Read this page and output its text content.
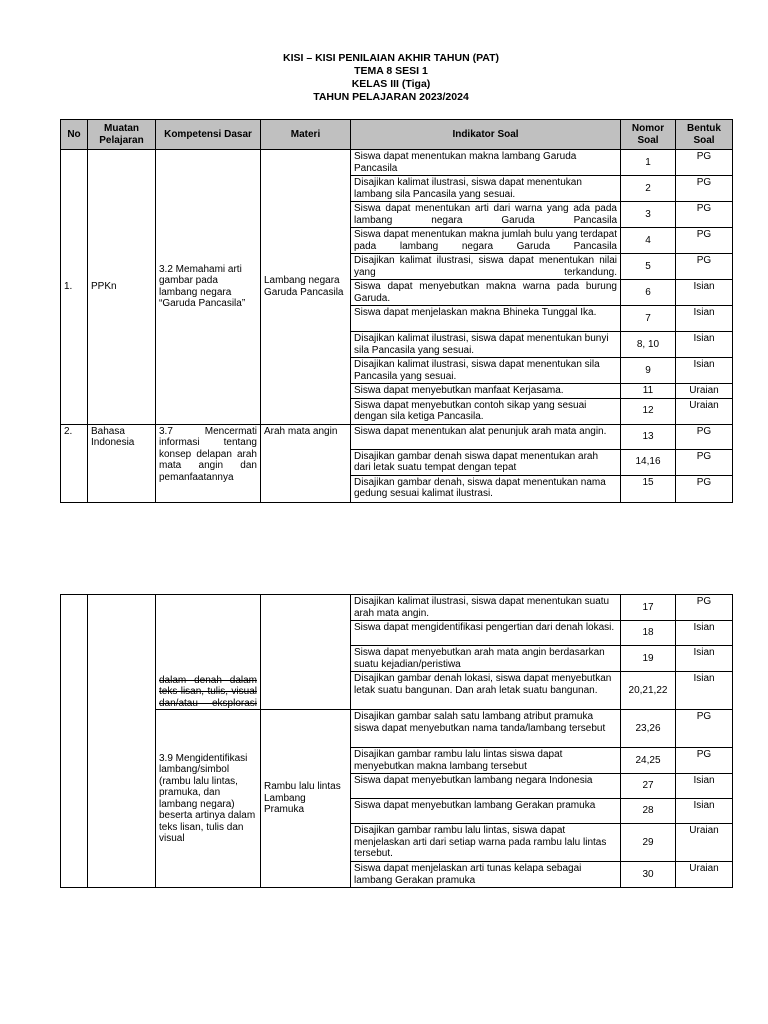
KISI – KISI PENILAIAN AKHIR TAHUN (PAT)
TEMA 8 SESI 1
KELAS III (Tiga)
TAHUN PELAJARAN 2023/2024
No	Muatan Pelajaran	Kompetensi Dasar	Materi	Indikator Soal	Nomor Soal	Bentuk Soal
1.	PPKn	3.2 Memahami arti gambar pada lambang negara “Garuda Pancasila”	Lambang negara Garuda Pancasila	Siswa dapat menentukan makna lambang Garuda Pancasila	1	PG
				Disajikan kalimat ilustrasi, siswa dapat menentukan lambang sila Pancasila yang sesuai.	2	PG
				Siswa dapat menentukan arti dari warna yang ada pada lambang negara Garuda Pancasila	3	PG
				Siswa dapat menentukan makna jumlah bulu yang terdapat pada lambang negara Garuda Pancasila	4	PG
				Disajikan kalimat ilustrasi, siswa dapat menentukan nilai yang terkandung.	5	PG
				Siswa dapat menyebutkan makna warna pada burung Garuda.	6	Isian
				Siswa dapat menjelaskan makna Bhineka Tunggal Ika.	7	Isian
				Disajikan kalimat ilustrasi, siswa dapat menentukan bunyi sila Pancasila yang sesuai.	8, 10	Isian
				Disajikan kalimat ilustrasi, siswa dapat menentukan sila Pancasila yang sesuai.	9	Isian
				Siswa dapat menyebutkan manfaat Kerjasama.	11	Uraian
				Siswa dapat menyebutkan contoh sikap yang sesuai dengan sila ketiga Pancasila.	12	Uraian
2.	Bahasa Indonesia	3.7 Mencermati informasi tentang konsep delapan arah mata angin dan pemanfaatannya	Arah mata angin	Siswa dapat menentukan alat penunjuk arah mata angin.	13	PG
				Disajikan gambar denah siswa dapat menentukan arah dari letak suatu tempat dengan tepat	14,16	PG
				Disajikan gambar denah, siswa dapat menentukan nama gedung sesuai kalimat ilustrasi.	15	PG
		dalam denah dalam teks lisan, tulis, visual dan/atau eksplorasi		Disajikan kalimat ilustrasi, siswa dapat menentukan suatu arah mata angin.	17	PG
				Siswa dapat mengidentifikasi pengertian dari denah lokasi.	18	Isian
				Siswa dapat menyebutkan arah mata angin berdasarkan suatu kejadian/peristiwa	19	Isian
				Disajikan gambar denah lokasi, siswa dapat menyebutkan letak suatu bangunan. Dan arah letak suatu bangunan.	20,21,22	Isian
		3.9 Mengidentifikasi lambang/simbol (rambu lalu lintas, pramuka, dan lambang negara) beserta artinya dalam teks lisan, tulis dan visual	Rambu lalu lintas Lambang Pramuka	Disajikan gambar salah satu lambang atribut pramuka siswa dapat menyebutkan nama tanda/lambang tersebut	23,26	PG
				Disajikan gambar rambu lalu lintas siswa dapat menyebutkan makna lambang tersebut	24,25	PG
				Siswa dapat menyebutkan lambang negara Indonesia	27	Isian
				Siswa dapat menyebutkan lambang Gerakan pramuka	28	Isian
				Disajikan gambar rambu lalu lintas, siswa dapat menjelaskan arti dari setiap warna pada rambu lalu lintas tersebut.	29	Uraian
				Siswa dapat menjelaskan arti tunas kelapa sebagai lambang Gerakan pramuka	30	Uraian
